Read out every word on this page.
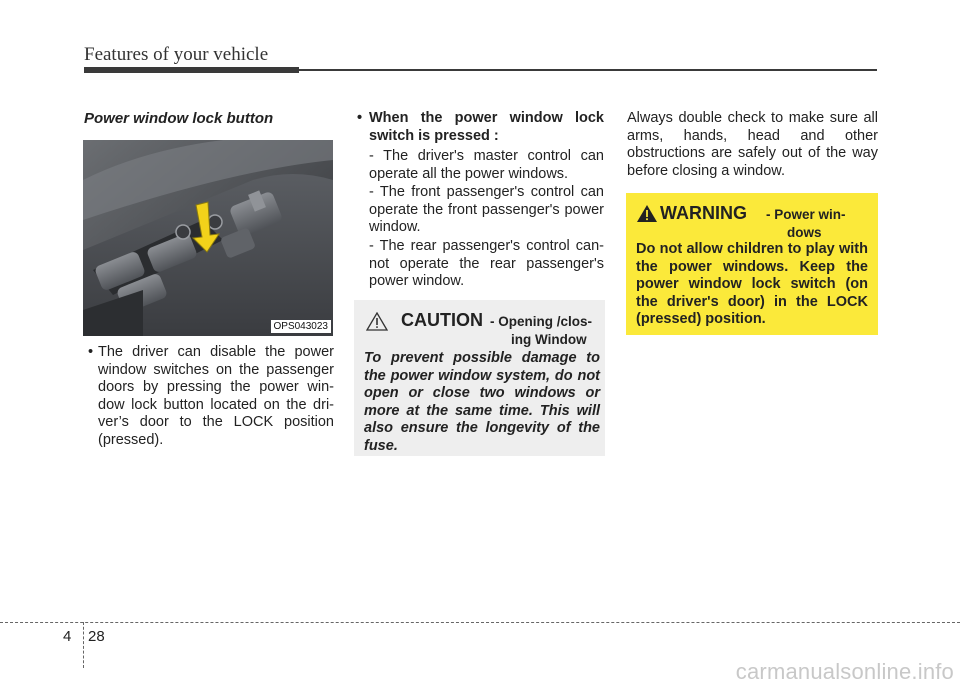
Features of your vehicle
Power window lock button
OPS043023
• The driver can disable the power window switches on the passenger doors by pressing the power win-dow lock button located on the dri-ver’s door to the LOCK position (pressed).
• When the power window lock switch is pressed :
- The driver's master control can operate all the power windows.
- The front passenger's control can operate the front passenger's power window.
- The rear passenger's control can-not operate the rear passenger's power window.
CAUTION - Opening /clos-
ing Window
To prevent possible damage to the power window system, do not open or close two windows or more at the same time. This will also ensure the longevity of the fuse.
Always double check to make sure all arms, hands, head and other obstructions are safely out of the way before closing a window.
WARNING - Power win-
dows
Do not allow children to play with the power windows. Keep the power window lock switch (on the driver's door) in the LOCK (pressed) position.
4 28
carmanualsonline.info
